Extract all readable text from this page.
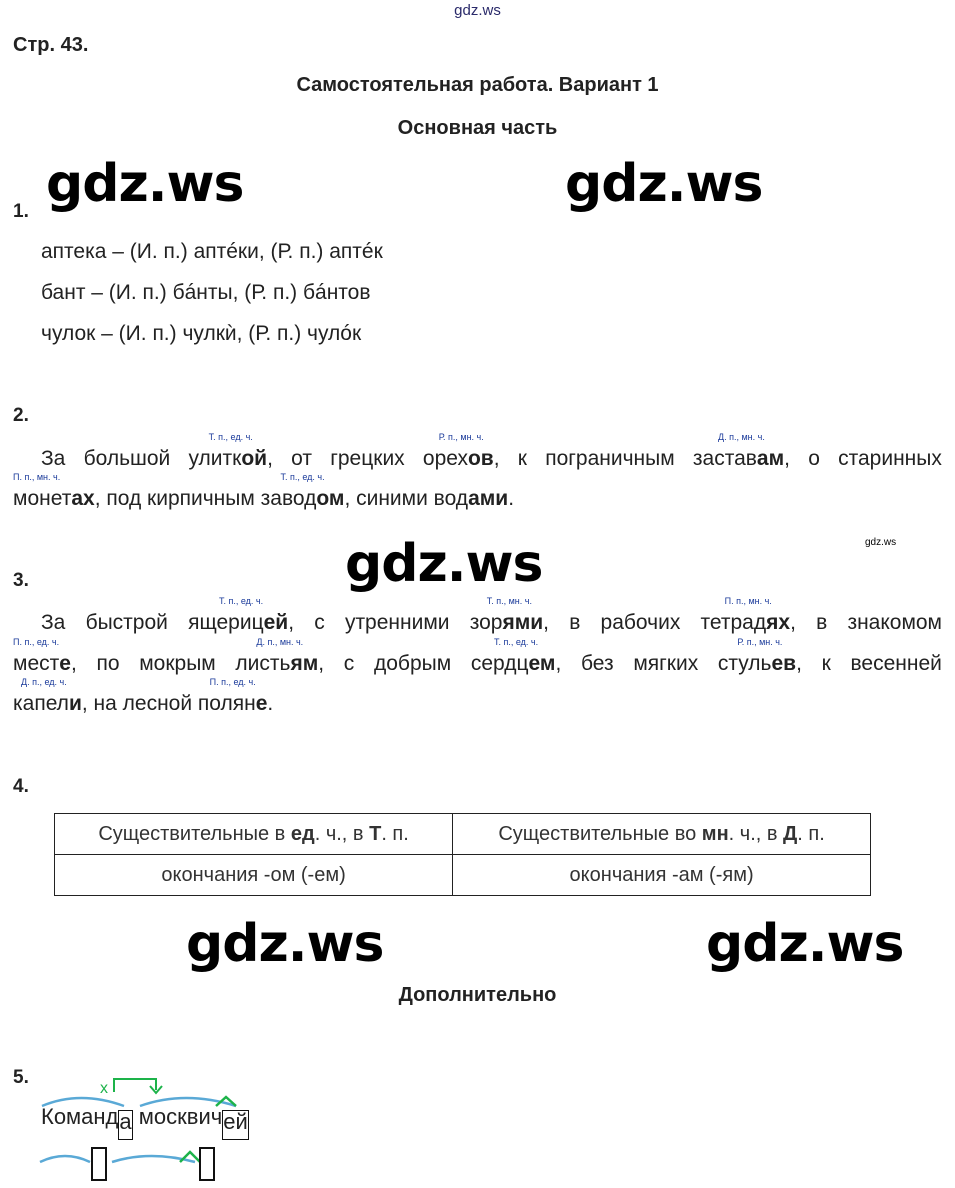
gdz.ws
Стр. 43.
Самостоятельная работа. Вариант 1
Основная часть
gdz.ws	gdz.ws
gdz.ws
gdz.ws	gdz.ws
gdz.ws
1.
аптека – (И. п.) аптéки, (Р. п.) аптéк
бант – (И. п.) бáнты, (Р. п.) бáнтов
чулок – (И. п.) чулкѝ, (Р. п.) чулóк
2.
За большой
Т. п., ед. ч.
улиткой, от грецких
Р. п., мн. ч.
орехов, к пограничным
Д. п., мн. ч.
заставам, о старинных
П. п., мн. ч.
монетах, под кирпичным
Т. п., ед. ч.
заводом, синими водами.
3.
За быстрой
Т. п., ед. ч.
ящерицей, с утренними
Т. п., мн. ч.
зорями, в рабочих
П. п., мн. ч.
тетрадях, в знакомом
П. п., ед. ч.
месте, по мокрым
Д. п., мн. ч.
листьям, с добрым
Т. п., ед. ч.
сердцем, без мягких
Р. п., мн. ч.
стульев, к весенней
Д. п., ед. ч.
капели, на лесной
П. п., ед. ч.
поляне.
4.
Существительные в ед. ч., в Т. п.	Существительные во мн. ч., в Д. п.
окончания -ом (-ем)	окончания -ам (-ям)
Дополнительно
5.
х
Команда москвичей
